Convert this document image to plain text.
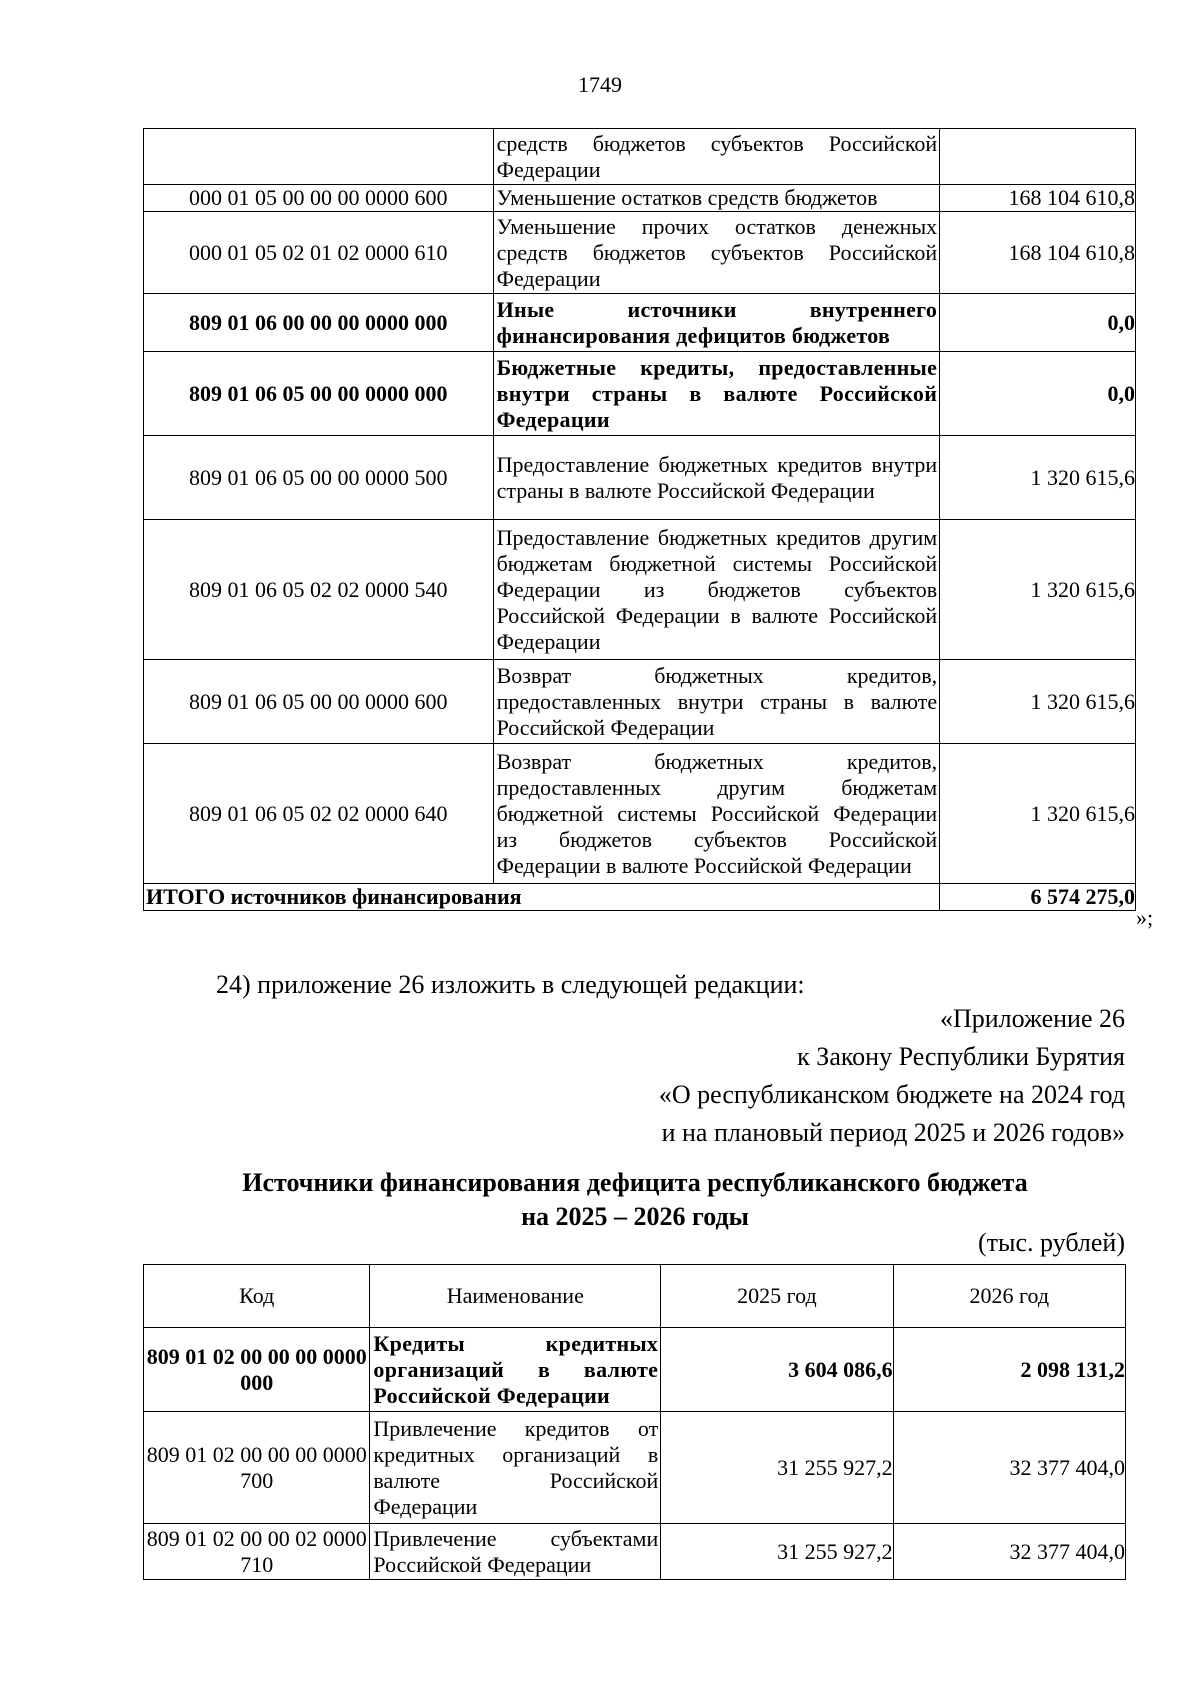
1749
	средств бюджетов субъектов Российской Федерации	
000 01 05 00 00 00 0000 600	Уменьшение остатков средств бюджетов	168 104 610,8
000 01 05 02 01 02 0000 610	Уменьшение прочих остатков денежных средств бюджетов субъектов Российской Федерации	168 104 610,8
809 01 06 00 00 00 0000 000	Иные источники внутреннего финансирования дефицитов бюджетов	0,0
809 01 06 05 00 00 0000 000	Бюджетные кредиты, предоставленные внутри страны в валюте Российской Федерации	0,0
809 01 06 05 00 00 0000 500	Предоставление бюджетных кредитов внутри страны в валюте Российской Федерации	1 320 615,6
809 01 06 05 02 02 0000 540	Предоставление бюджетных кредитов другим бюджетам бюджетной системы Российской Федерации из бюджетов субъектов Российской Федерации в валюте Российской Федерации	1 320 615,6
809 01 06 05 00 00 0000 600	Возврат бюджетных кредитов, предоставленных внутри страны в валюте Российской Федерации	1 320 615,6
809 01 06 05 02 02 0000 640	Возврат бюджетных кредитов, предоставленных другим бюджетам бюджетной системы Российской Федерации из бюджетов субъектов Российской Федерации в валюте Российской Федерации	1 320 615,6
ИТОГО источников финансирования		6 574 275,0
»;
24) приложение 26 изложить в следующей редакции:
«Приложение 26
к Закону Республики Бурятия
«О республиканском бюджете на 2024 год
и на плановый период 2025 и 2026 годов»
Источники финансирования дефицита республиканского бюджета
на 2025 – 2026 годы
(тыс. рублей)
Код	Наименование	2025 год	2026 год
809 01 02 00 00 00 0000 000	Кредиты кредитных организаций в валюте Российской Федерации	3 604 086,6	2 098 131,2
809 01 02 00 00 00 0000 700	Привлечение кредитов от кредитных организаций в валюте Российской Федерации	31 255 927,2	32 377 404,0
809 01 02 00 00 02 0000 710	Привлечение субъектами Российской Федерации	31 255 927,2	32 377 404,0
